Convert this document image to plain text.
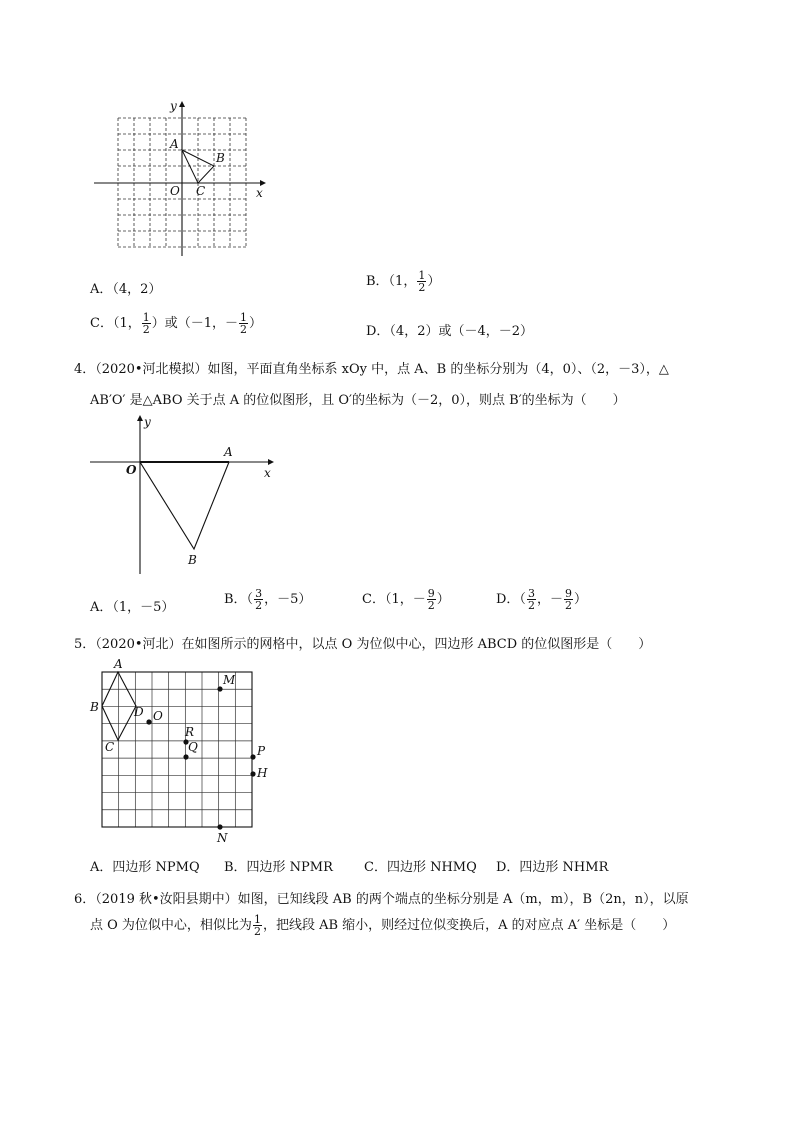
y
x
A
B
C
O
A．（4，2）
B．（1， $\frac{1}{2}$ ）
C．（1， $\frac{1}{2}$ ）或（－1，－ $\frac{1}{2}$ ）
D．（4，2）或（－4，－2）
4．（2020•河北模拟）如图，平面直角坐标系 xOy 中，点 A、B 的坐标分别为（4，0）、（2，－3），△
AB′O′ 是△ABO 关于点 A 的位似图形，且 O′的坐标为（－2，0），则点 B′的坐标为（　　）
y
x
O
A
B
A．（1，－5）
B．（ $\frac{3}{2}$ ，－5）	C．（1，－ $\frac{9}{2}$ ）	D．（ $\frac{3}{2}$ ，－ $\frac{9}{2}$ ）
5．（2020•河北）在如图所示的网格中，以点 O 为位似中心，四边形 ABCD 的位似图形是（　　）
A
B
C
D O
R
Q
M
P
H
N
A．四边形 NPMQ B．四边形 NPMR C．四边形 NHMQ D．四边形 NHMR
6．（2019 秋•汝阳县期中）如图，已知线段 AB 的两个端点的坐标分别是 A（m，m），B（2n，n），以原
点 O 为位似中心，相似比为 $\frac{1}{2}$ ，把线段 AB 缩小，则经过位似变换后，A 的对应点 A′ 坐标是（　　）
